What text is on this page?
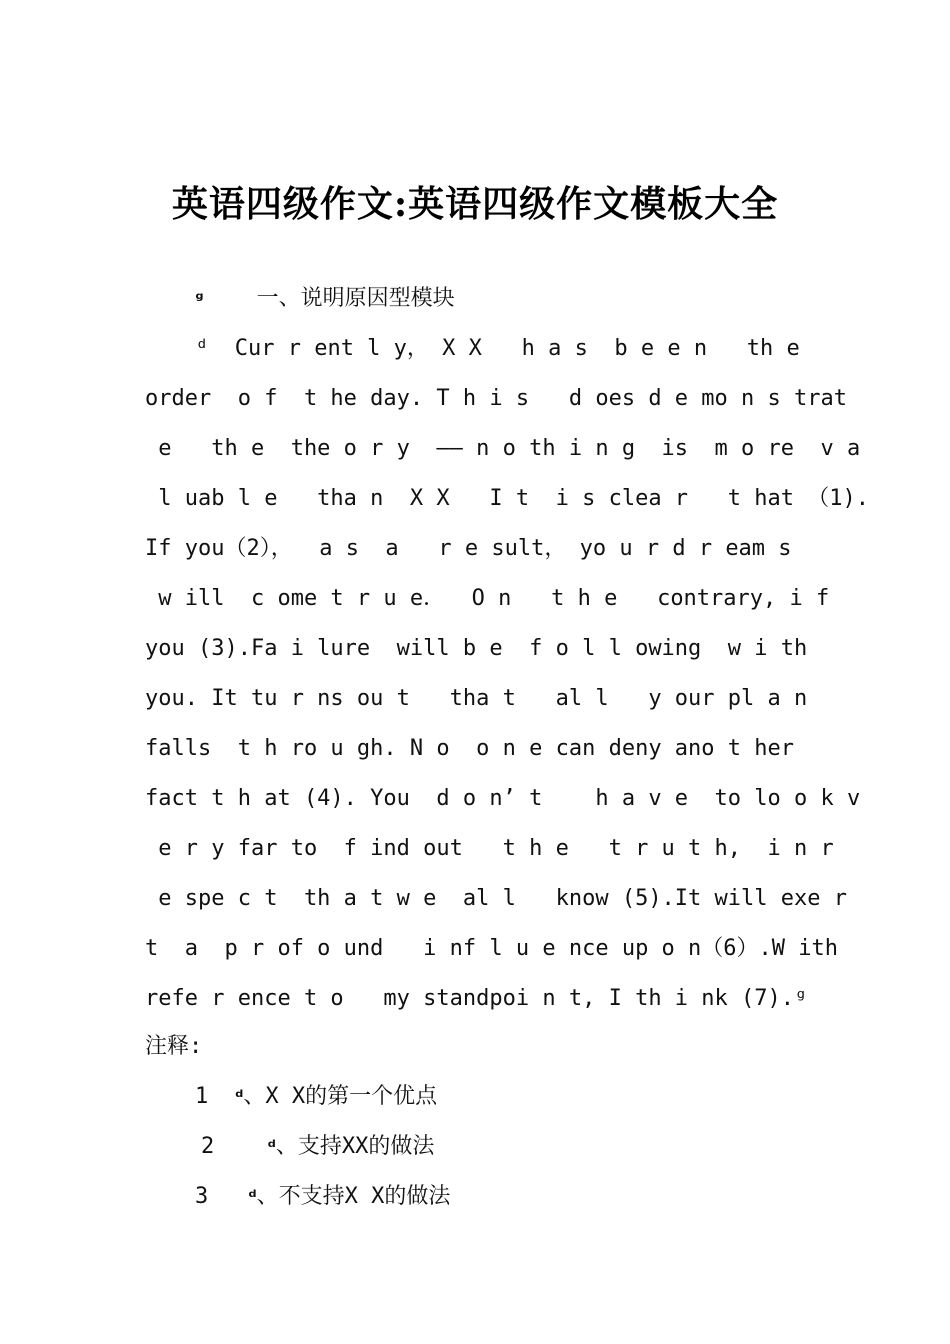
英语四级作文:英语四级作文模板大全
ᵍ 一、说明原因型模块
ᵈ  Cur r ent l y， X X   h a s  b e e n   th e
order  o f  t he day. T h i s   d oes d e mo n s trat
e   th e  the o r y  —— n o th i n g  is  m o re  v a
l uab l e   tha n  X X   I t  i s clea r   t hat （1).
If you（2），  a s  a   r e sult， yo u r d r eam s
w ill  c ome t r u e．  O n   t h e   contrary, i f
you (3).Fa i lure  will b e  f o l l owing  w i th
you. It tu r ns ou t   tha t   al l   y our pl a n
falls  t h ro u gh. N o  o n e can deny ano t her
fact t h at (4). You  d o n’ t    h a v e  to lo o k v
e r y far to  f ind out   t h e   t r u t h,  i n r
e spe c t  th a t w e  al l   know (5).It will exe r
t  a  p r of o und   i nf l u e nce up o n（6）.W ith
refe r ence t o   my standpoi n t, I th i nk (7).ᵍ
注释:
1 ᵈ、X X的第一个优点
2	ᵈ、支持XX的做法
3 ᵈ、不支持X X的做法
